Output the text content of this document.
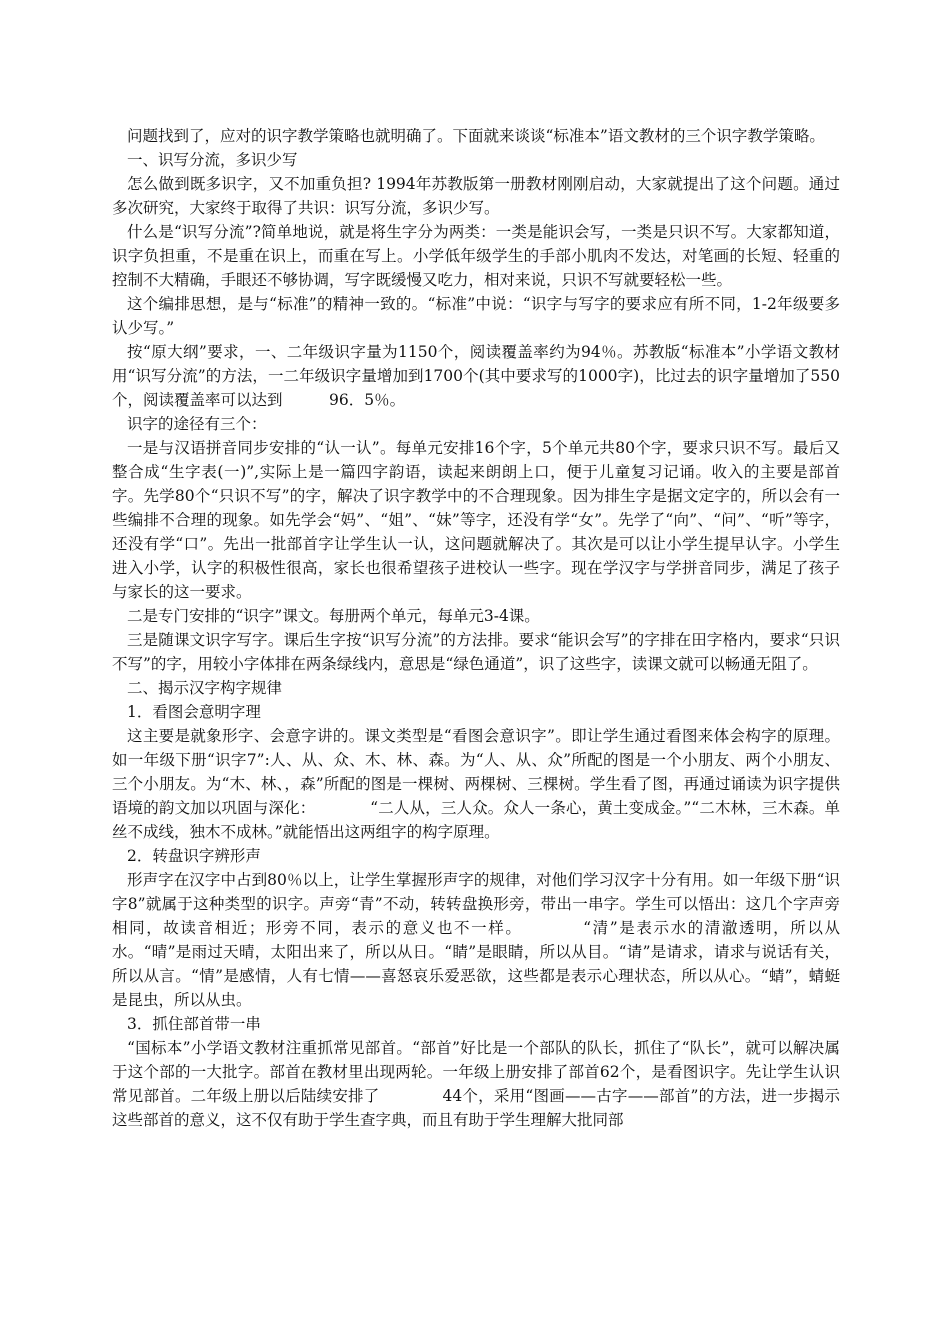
问题找到了，应对的识字教学策略也就明确了。下面就来谈谈“标准本”语文教材的三个识字教学策略。

一、识写分流，多识少写

怎么做到既多识字，又不加重负担? 1994年苏教版第一册教材刚刚启动，大家就提出了这个问题。通过多次研究，大家终于取得了共识：识写分流，多识少写。

什么是“识写分流”?简单地说，就是将生字分为两类：一类是能识会写，一类是只识不写。大家都知道，识字负担重，不是重在识上，而重在写上。小学低年级学生的手部小肌肉不发达，对笔画的长短、轻重的控制不大精确，手眼还不够协调，写字既缓慢又吃力，相对来说，只识不写就要轻松一些。

这个编排思想，是与“标准”的精神一致的。“标准”中说：“识字与写字的要求应有所不同，1-2年级要多认少写。”

按“原大纲”要求，一、二年级识字量为1150个，阅读覆盖率约为94％。苏教版“标准本”小学语文教材用“识写分流”的方法，一二年级识字量增加到1700个(其中要求写的1000字)，比过去的识字量增加了550个，阅读覆盖率可以达到　　　96．5％。

识字的途径有三个：

一是与汉语拼音同步安排的“认一认”。每单元安排16个字，5个单元共80个字，要求只识不写。最后又整合成“生字表(一)”,实际上是一篇四字韵语，读起来朗朗上口，便于儿童复习记诵。收入的主要是部首字。先学80个“只识不写”的字，解决了识字教学中的不合理现象。因为排生字是据文定字的，所以会有一些编排不合理的现象。如先学会“妈”、“姐”、“妹”等字，还没有学“女”。先学了“向”、“问”、“听”等字，还没有学“口”。先出一批部首字让学生认一认，这问题就解决了。其次是可以让小学生提早认字。小学生进入小学，认字的积极性很高，家长也很希望孩子进校认一些字。现在学汉字与学拼音同步，满足了孩子与家长的这一要求。

二是专门安排的“识字”课文。每册两个单元，每单元3-4课。

三是随课文识字写字。课后生字按“识写分流”的方法排。要求“能识会写”的字排在田字格内，要求“只识不写”的字，用较小字体排在两条绿线内，意思是“绿色通道”，识了这些字，读课文就可以畅通无阻了。

二、揭示汉字构字规律

1．看图会意明字理

这主要是就象形字、会意字讲的。课文类型是“看图会意识字”。即让学生通过看图来体会构字的原理。如一年级下册“识字7”:人、从、众、木、林、森。为“人、从、众”所配的图是一个小朋友、两个小朋友、三个小朋友。为“木、林、，森”所配的图是一棵树、两棵树、三棵树。学生看了图，再通过诵读为识字提供语境的韵文加以巩固与深化：　　　　“二人从，三人众。众人一条心，黄土变成金。”“二木林，三木森。单丝不成线，独木不成林。”就能悟出这两组字的构字原理。

2．转盘识字辨形声

形声字在汉字中占到80％以上，让学生掌握形声字的规律，对他们学习汉字十分有用。如一年级下册“识字8”就属于这种类型的识字。声旁“青”不动，转转盘换形旁，带出一串字。学生可以悟出：这几个字声旁相同，故读音相近；形旁不同，表示的意义也不一样。　　　　“清”是表示水的清澈透明，所以从水。“晴”是雨过天晴，太阳出来了，所以从日。“睛”是眼睛，所以从目。“请”是请求，请求与说话有关，所以从言。“情”是感情，人有七情——喜怒哀乐爱恶欲，这些都是表示心理状态，所以从心。“蜻”，蜻蜓是昆虫，所以从虫。

3．抓住部首带一串

“国标本”小学语文教材注重抓常见部首。“部首”好比是一个部队的队长，抓住了“队长”，就可以解决属于这个部的一大批字。部首在教材里出现两轮。一年级上册安排了部首62个，是看图识字。先让学生认识常见部首。二年级上册以后陆续安排了　　　　44个，采用“图画——古字——部首”的方法，进一步揭示这些部首的意义，这不仅有助于学生查字典，而且有助于学生理解大批同部
